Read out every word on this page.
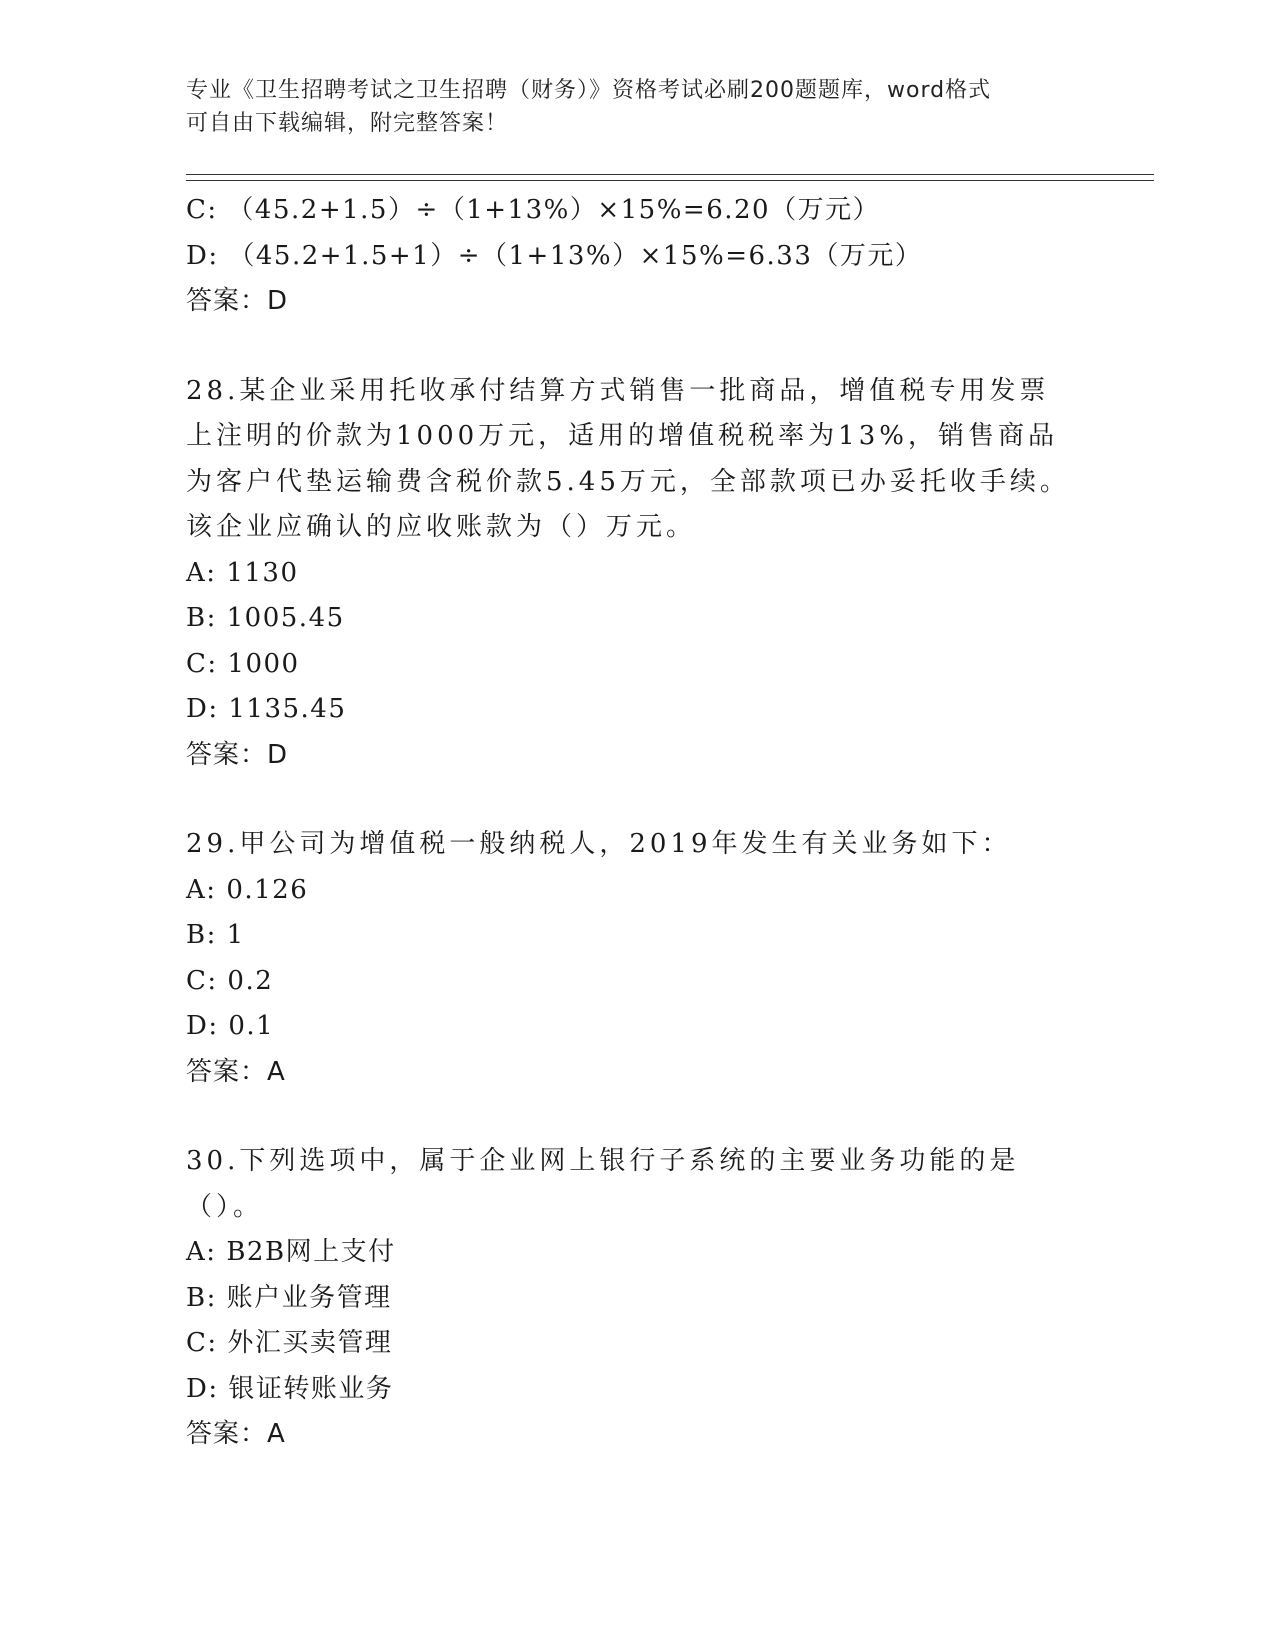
专业《卫生招聘考试之卫生招聘（财务）》资格考试必刷200题题库，word格式
可自由下载编辑，附完整答案！
C: （45.2+1.5）÷（1+13%）×15%=6.20（万元）
D: （45.2+1.5+1）÷（1+13%）×15%=6.33（万元）
答案：D
28.某企业采用托收承付结算方式销售一批商品，增值税专用发票上注明的价款为1000万元，适用的增值税税率为13%，销售商品为客户代垫运输费含税价款5.45万元，全部款项已办妥托收手续。该企业应确认的应收账款为（）万元。
A: 1130
B: 1005.45
C: 1000
D: 1135.45
答案：D
29.甲公司为增值税一般纳税人，2019年发生有关业务如下：
A: 0.126
B: 1
C: 0.2
D: 0.1
答案：A
30.下列选项中，属于企业网上银行子系统的主要业务功能的是（）。
A: B2B网上支付
B: 账户业务管理
C: 外汇买卖管理
D: 银证转账业务
答案：A
